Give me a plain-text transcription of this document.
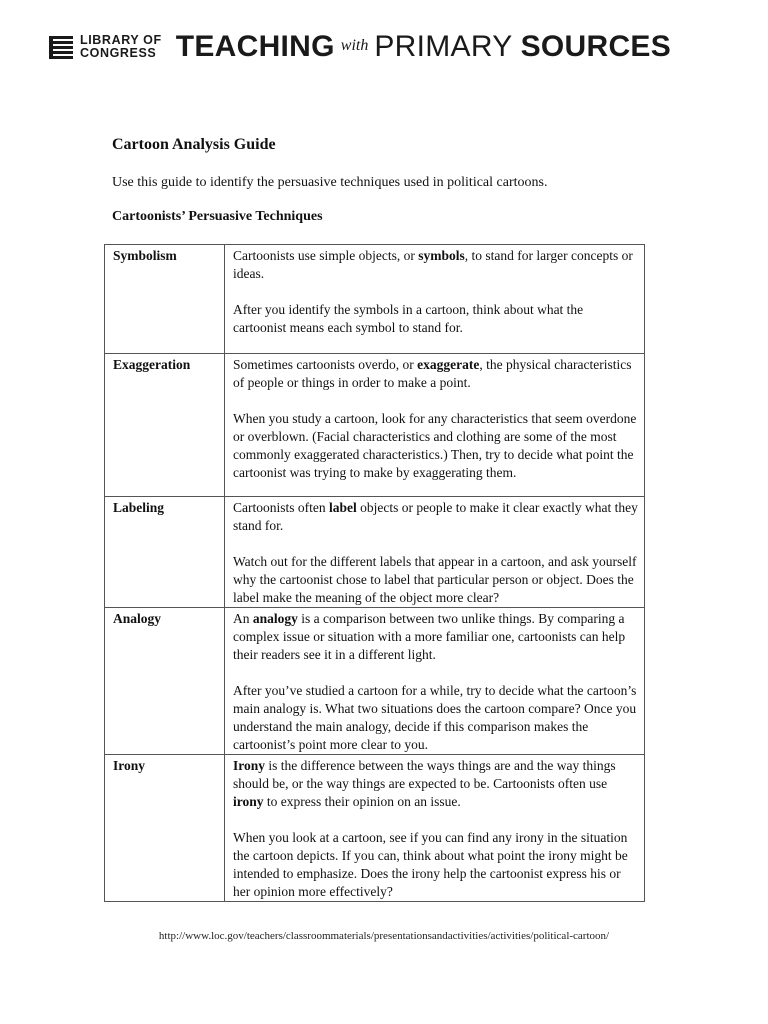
LIBRARY OF
CONGRESS TEACHING with PRIMARY SOURCES
Cartoon Analysis Guide
Use this guide to identify the persuasive techniques used in political cartoons.
Cartoonists’ Persuasive Techniques
Symbolism	Cartoonists use simple objects, or symbols, to stand for larger concepts or ideas.

After you identify the symbols in a cartoon, think about what the cartoonist means each symbol to stand for.

Exaggeration	Sometimes cartoonists overdo, or exaggerate, the physical characteristics of people or things in order to make a point.

When you study a cartoon, look for any characteristics that seem overdone or overblown. (Facial characteristics and clothing are some of the most commonly exaggerated characteristics.) Then, try to decide what point the cartoonist was trying to make by exaggerating them.

Labeling	Cartoonists often label objects or people to make it clear exactly what they stand for.

Watch out for the different labels that appear in a cartoon, and ask yourself why the cartoonist chose to label that particular person or object. Does the label make the meaning of the object more clear?

Analogy	An analogy is a comparison between two unlike things. By comparing a complex issue or situation with a more familiar one, cartoonists can help their readers see it in a different light.

After you’ve studied a cartoon for a while, try to decide what the cartoon’s main analogy is. What two situations does the cartoon compare? Once you understand the main analogy, decide if this comparison makes the cartoonist’s point more clear to you.

Irony	Irony is the difference between the ways things are and the way things should be, or the way things are expected to be. Cartoonists often use irony to express their opinion on an issue.

When you look at a cartoon, see if you can find any irony in the situation the cartoon depicts. If you can, think about what point the irony might be intended to emphasize. Does the irony help the cartoonist express his or her opinion more effectively?

http://www.loc.gov/teachers/classroommaterials/presentationsandactivities/activities/political-cartoon/
